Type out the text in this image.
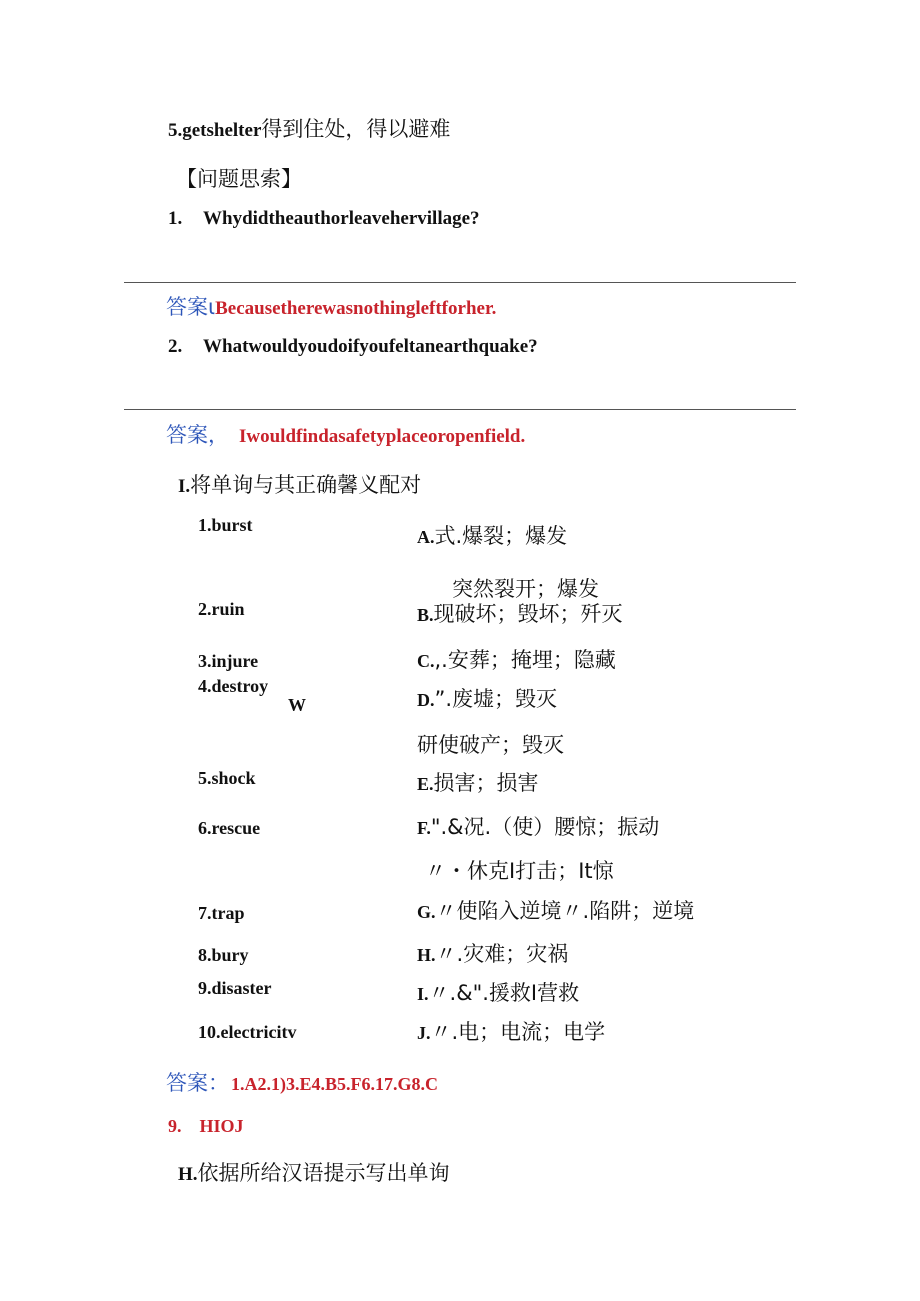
5.getshelter得到住处，得以避难
【问题思索】
1. Whydidtheauthorleavehervillage?
答案ιBecausetherewasnothingleftforher.
2. Whatwouldyoudoifyoufeltanearthquake?
答案， Iwouldfindasafetyplaceoropenfield.
I.将单询与其正确馨义配对
1.burst
2.ruin
3.injure
4.destroy
W
5.shock
6.rescue
7.trap
8.bury
9.disaster
10.electricitv
A.式.爆裂；爆发
突然裂开；爆发
B.现破坏；毁坏；歼灭
C.,.安葬；掩埋；隐藏
D.”.废墟；毁灭
研使破产；毁灭
E.损害；损害
F.".&况.（使）腰惊；振动
〃・休克I打击；It惊
G.〃使陷入逆境〃.陷阱；逆境
H.〃.灾难；灾祸
I.〃.&".援救I营救
J.〃.电；电流；电学
答案： 1.A2.1)3.E4.B5.F6.17.G8.C
9.　HIOJ
H.依据所给汉语提示写出单询
